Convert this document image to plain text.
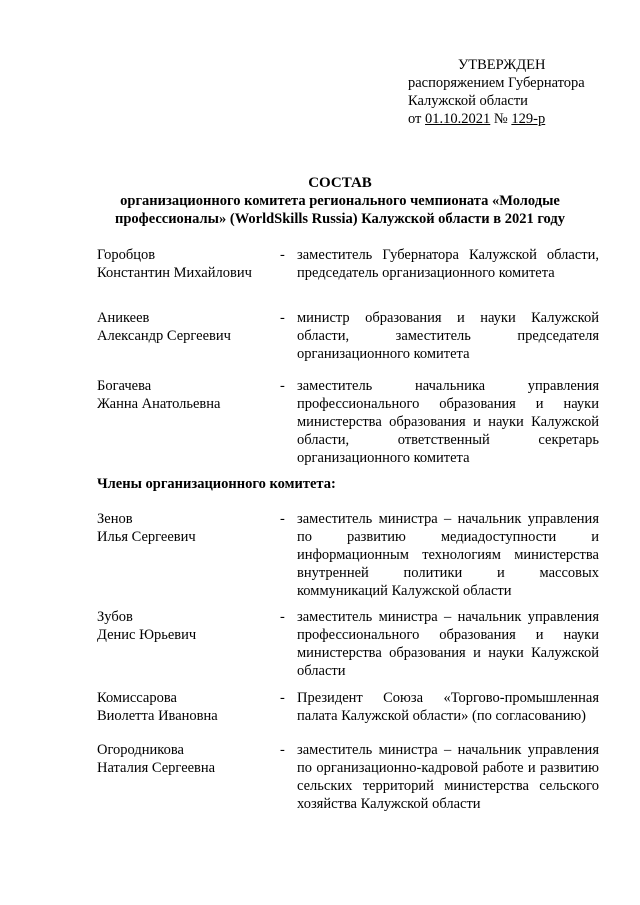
УТВЕРЖДЕН
распоряжением Губернатора
Калужской области
от 01.10.2021 № 129-р
СОСТАВ
организационного комитета регионального чемпионата «Молодые
профессионалы» (WorldSkills Russia) Калужской области в 2021 году
Горобцов
Константин Михайлович
- заместитель Губернатора Калужской области, председатель организационного комитета
Аникеев
Александр Сергеевич
- министр образования и науки Калужской области, заместитель председателя организационного комитета
Богачева
Жанна Анатольевна
- заместитель начальника управления профессионального образования и науки министерства образования и науки Калужской области, ответственный секретарь организационного комитета
Зенов
Илья Сергеевич
- заместитель министра – начальник управления по развитию медиадоступности и информационным технологиям министерства внутренней политики и массовых коммуникаций Калужской области
Зубов
Денис Юрьевич
- заместитель министра – начальник управления профессионального образования и науки министерства образования и науки Калужской области
Комиссарова
Виолетта Ивановна
- Президент Союза «Торгово-промышленная палата Калужской области» (по согласованию)
Огородникова
Наталия Сергеевна
- заместитель министра – начальник управления по организационно-кадровой работе и развитию сельских территорий министерства сельского хозяйства Калужской области
Члены организационного комитета:
